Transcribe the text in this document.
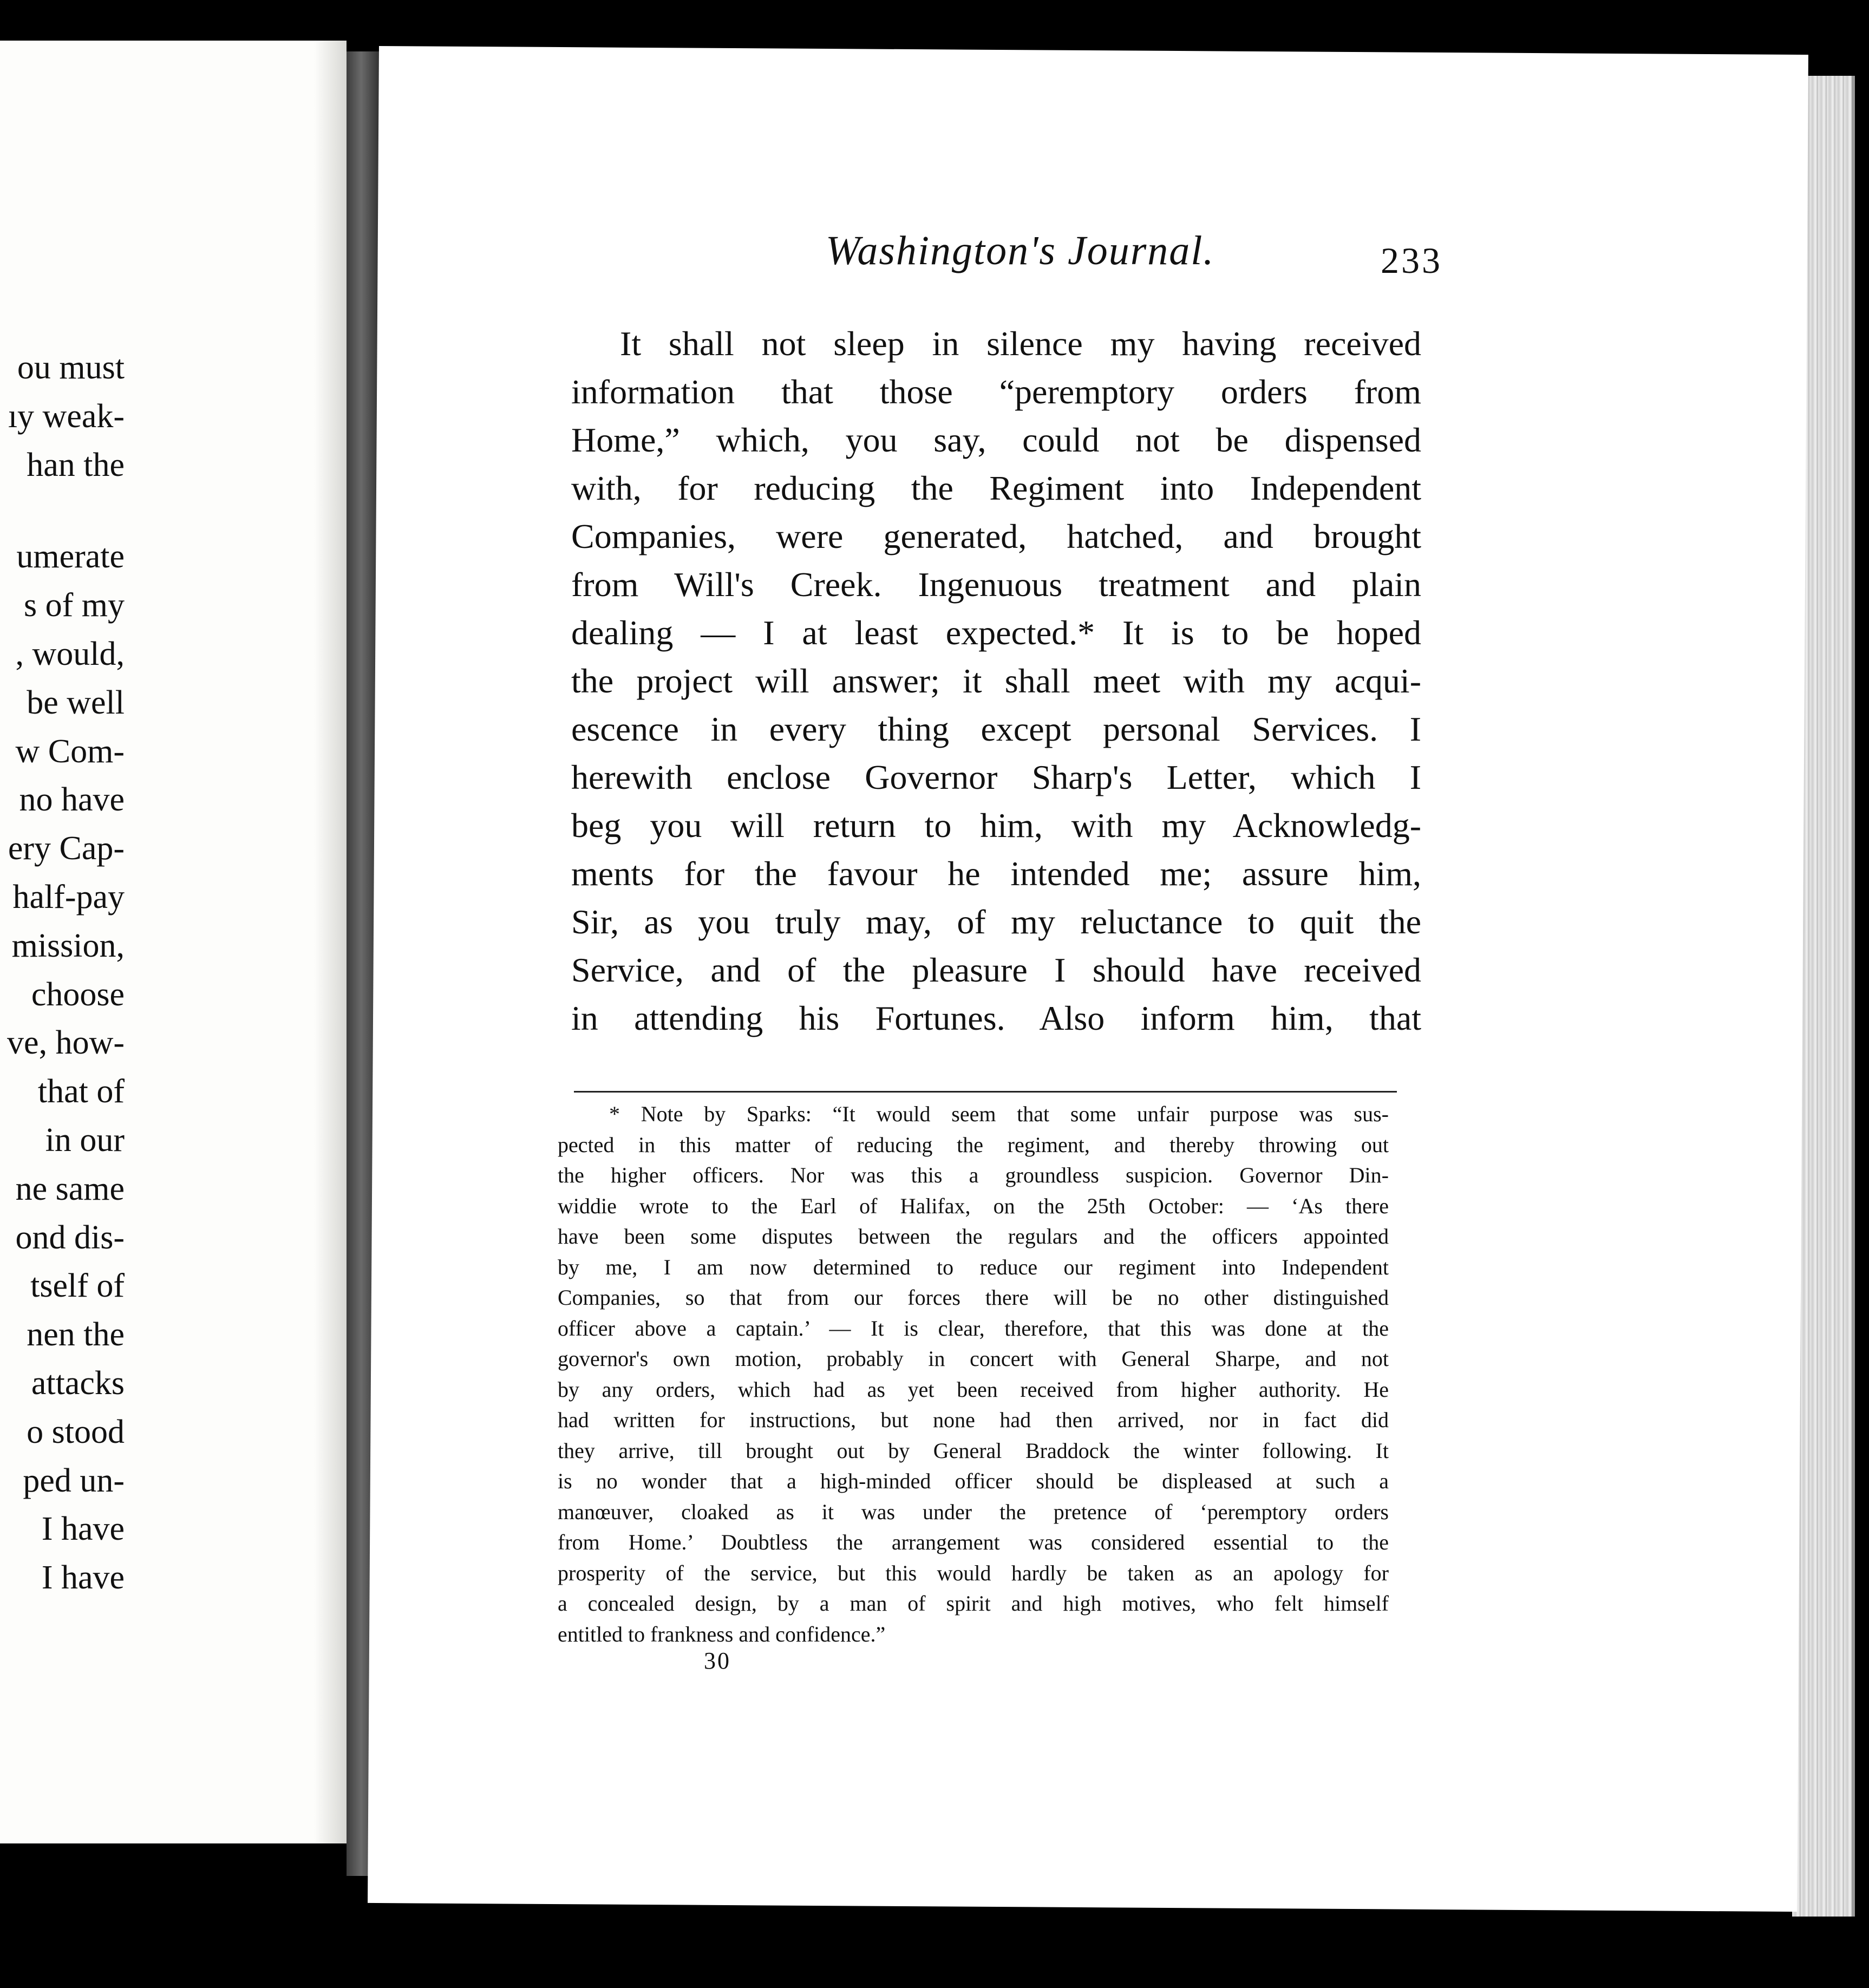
ou must
ıy weak-
han the
umerate
s of my
, would,
be well
w Com-
no have
ery Cap-
half-pay
mission,
choose
ve, how-
that of
in our
ne same
ond dis-
tself of
nen the
attacks
o stood
ped un-
I have
I have
Washington's Journal.	233
It shall not sleep in silence my having received
information that those “peremptory orders from
Home,” which, you say, could not be dispensed
with, for reducing the Regiment into Independent
Companies, were generated, hatched, and brought
from Will's Creek. Ingenuous treatment and plain
dealing — I at least expected.* It is to be hoped
the project will answer; it shall meet with my acqui-
escence in every thing except personal Services. I
herewith enclose Governor Sharp's Letter, which I
beg you will return to him, with my Acknowledg-
ments for the favour he intended me; assure him,
Sir, as you truly may, of my reluctance to quit the
Service, and of the pleasure I should have received
in attending his Fortunes. Also inform him, that
* Note by Sparks: “It would seem that some unfair purpose was sus-
pected in this matter of reducing the regiment, and thereby throwing out
the higher officers. Nor was this a groundless suspicion. Governor Din-
widdie wrote to the Earl of Halifax, on the 25th October: — ‘As there
have been some disputes between the regulars and the officers appointed
by me, I am now determined to reduce our regiment into Independent
Companies, so that from our forces there will be no other distinguished
officer above a captain.’ — It is clear, therefore, that this was done at the
governor's own motion, probably in concert with General Sharpe, and not
by any orders, which had as yet been received from higher authority. He
had written for instructions, but none had then arrived, nor in fact did
they arrive, till brought out by General Braddock the winter following. It
is no wonder that a high-minded officer should be displeased at such a
manœuver, cloaked as it was under the pretence of ‘peremptory orders
from Home.’ Doubtless the arrangement was considered essential to the
prosperity of the service, but this would hardly be taken as an apology for
a concealed design, by a man of spirit and high motives, who felt himself
entitled to frankness and confidence.”
30
